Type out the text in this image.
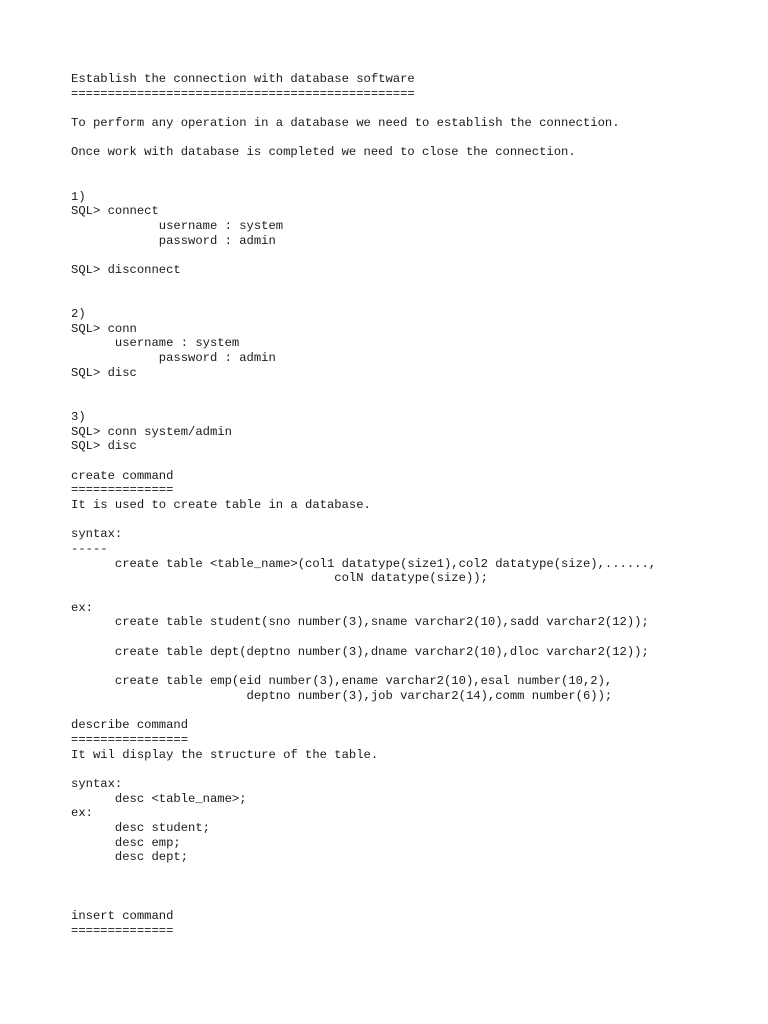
Establish the connection with database software
===============================================
To perform any operation in a database we need to establish the connection.
Once work with database is completed we need to close the connection.
1)
SQL> connect
username : system
password : admin
SQL> disconnect
2)
SQL> conn
username : system
password : admin
SQL> disc
3)
SQL> conn system/admin
SQL> disc
create command
==============
It is used to create table in a database.
syntax:
-----
create table <table_name>(col1 datatype(size1),col2 datatype(size),......,
colN datatype(size));
ex:
create table student(sno number(3),sname varchar2(10),sadd varchar2(12));
create table dept(deptno number(3),dname varchar2(10),dloc varchar2(12));
create table emp(eid number(3),ename varchar2(10),esal number(10,2),
deptno number(3),job varchar2(14),comm number(6));
describe command
================
It wil display the structure of the table.
syntax:
desc <table_name>;
ex:
desc student;
desc emp;
desc dept;
insert command
==============
